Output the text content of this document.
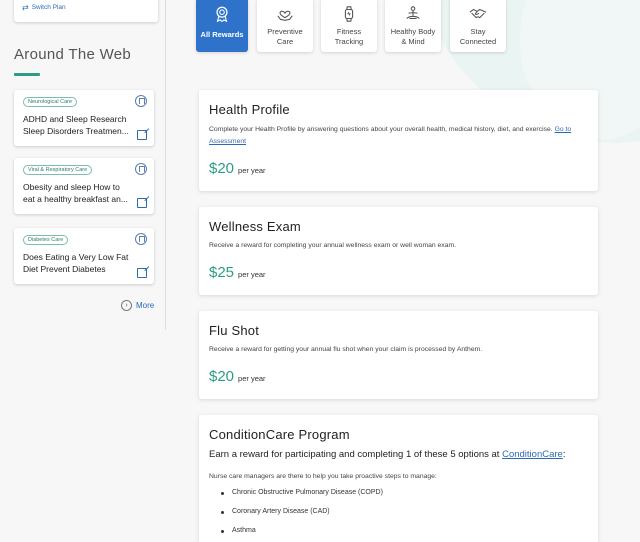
⇄ Switch Plan
Around The Web
Neurological Care
ADHD and Sleep Research
Sleep Disorders Treatmen...
Viral & Respiratory Care
Obesity and sleep How to
eat a healthy breakfast an...
Diabetes Care
Does Eating a Very Low Fat
Diet Prevent Diabetes
›	More
All Rewards	Preventive
Care
Fitness
Tracking
Healthy Body
& Mind
Stay
Connected
Health Profile
Complete your Health Profile by answering questions about your overall health, medical history, diet, and exercise. Go to Assessment
$20 per year
Wellness Exam
Receive a reward for completing your annual wellness exam or well woman exam.
$25 per year
Flu Shot
Receive a reward for getting your annual flu shot when your claim is processed by Anthem.
$20 per year
ConditionCare Program
Earn a reward for participating and completing 1 of these 5 options at ConditionCare:
Nurse care managers are there to help you take proactive steps to manage:
Chronic Obstructive Pulmonary Disease (COPD)
Coronary Artery Disease (CAD)
Asthma
